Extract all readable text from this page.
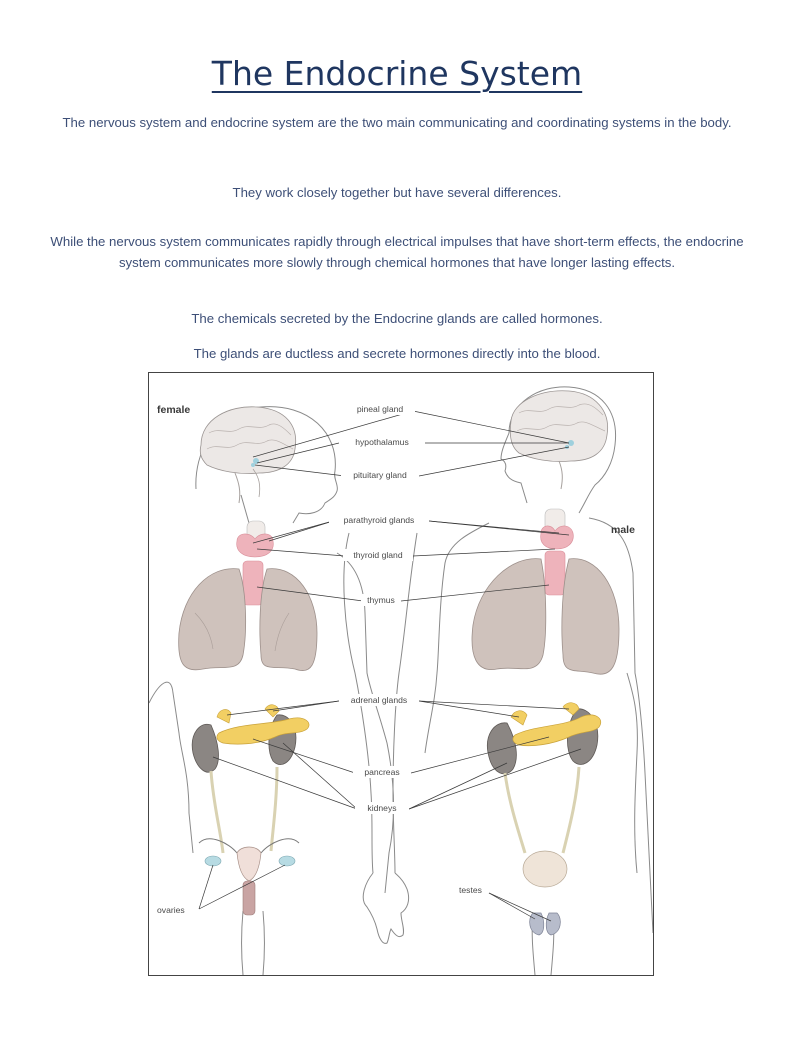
The Endocrine System

The nervous system and endocrine system are the two main communicating and coordinating systems in the body.

They work closely together but have several differences.

While the nervous system communicates rapidly through electrical impulses that have short-term effects, the endocrine system communicates more slowly through chemical hormones that have longer lasting effects.

The chemicals secreted by the Endocrine glands are called hormones.

The glands are ductless and secrete hormones directly into the blood.

female
male
pineal gland
hypothalamus
pituitary gland
parathyroid glands
thyroid gland
thymus
adrenal glands
pancreas
kidneys
ovaries
testes
